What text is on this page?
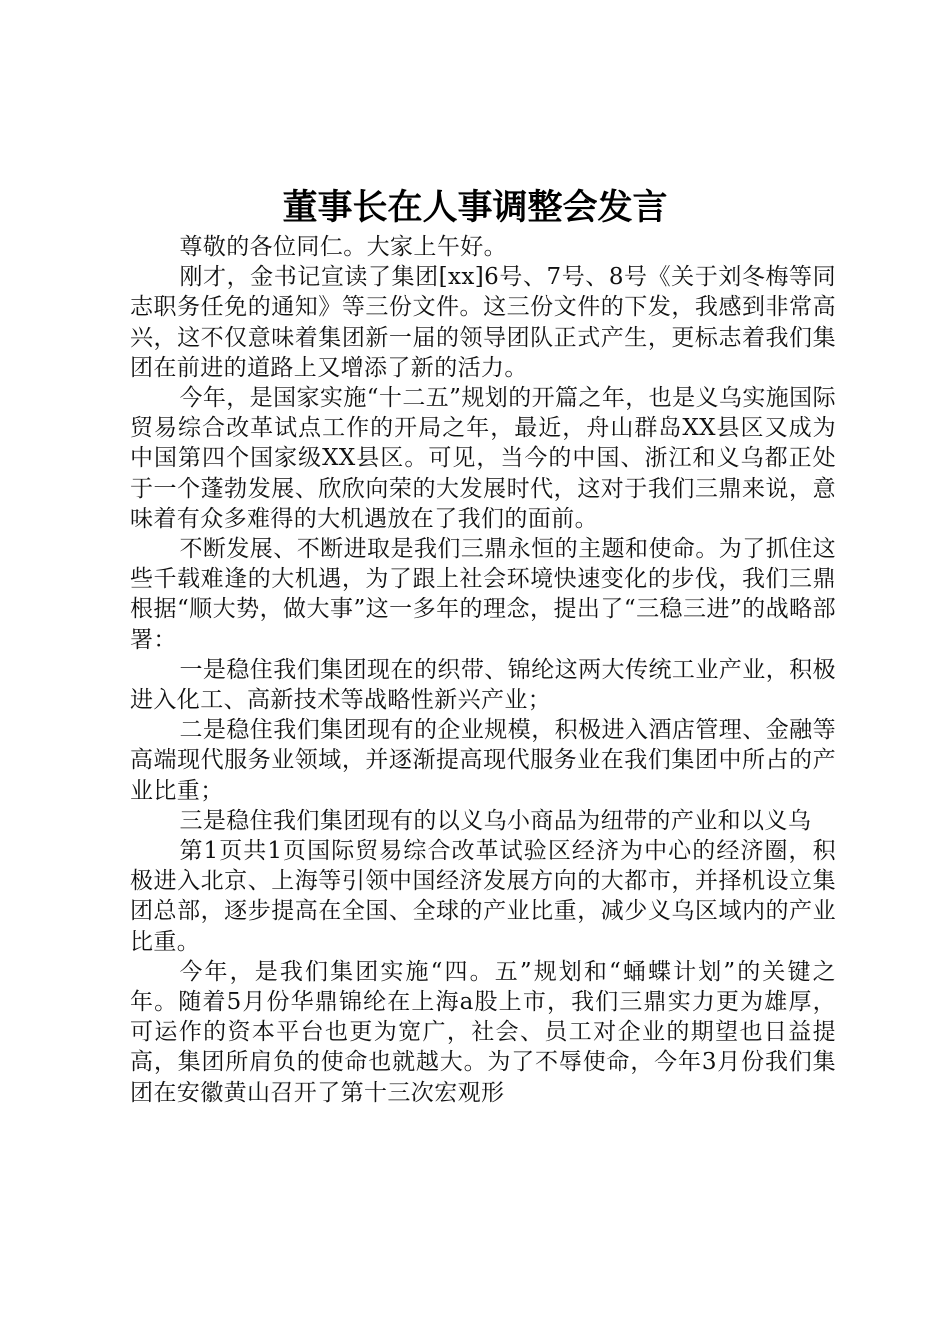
董事长在人事调整会发言

尊敬的各位同仁。大家上午好。

刚才，金书记宣读了集团[xx]6号、7号、8号《关于刘冬梅等同志职务任免的通知》等三份文件。这三份文件的下发，我感到非常高兴，这不仅意味着集团新一届的领导团队正式产生，更标志着我们集团在前进的道路上又增添了新的活力。

今年，是国家实施“十二五”规划的开篇之年，也是义乌实施国际贸易综合改革试点工作的开局之年，最近，舟山群岛XX县区又成为中国第四个国家级XX县区。可见，当今的中国、浙江和义乌都正处于一个蓬勃发展、欣欣向荣的大发展时代，这对于我们三鼎来说，意味着有众多难得的大机遇放在了我们的面前。

不断发展、不断进取是我们三鼎永恒的主题和使命。为了抓住这些千载难逢的大机遇，为了跟上社会环境快速变化的步伐，我们三鼎根据“顺大势，做大事”这一多年的理念，提出了“三稳三进”的战略部署：

一是稳住我们集团现在的织带、锦纶这两大传统工业产业，积极进入化工、高新技术等战略性新兴产业；

二是稳住我们集团现有的企业规模，积极进入酒店管理、金融等高端现代服务业领域，并逐渐提高现代服务业在我们集团中所占的产业比重；

三是稳住我们集团现有的以义乌小商品为纽带的产业和以义乌

第1页共1页国际贸易综合改革试验区经济为中心的经济圈，积极进入北京、上海等引领中国经济发展方向的大都市，并择机设立集团总部，逐步提高在全国、全球的产业比重，减少义乌区域内的产业比重。

今年，是我们集团实施“四。五”规划和“蛹蝶计划”的关键之年。随着5月份华鼎锦纶在上海a股上市，我们三鼎实力更为雄厚，可运作的资本平台也更为宽广，社会、员工对企业的期望也日益提高，集团所肩负的使命也就越大。为了不辱使命，今年3月份我们集团在安徽黄山召开了第十三次宏观形
